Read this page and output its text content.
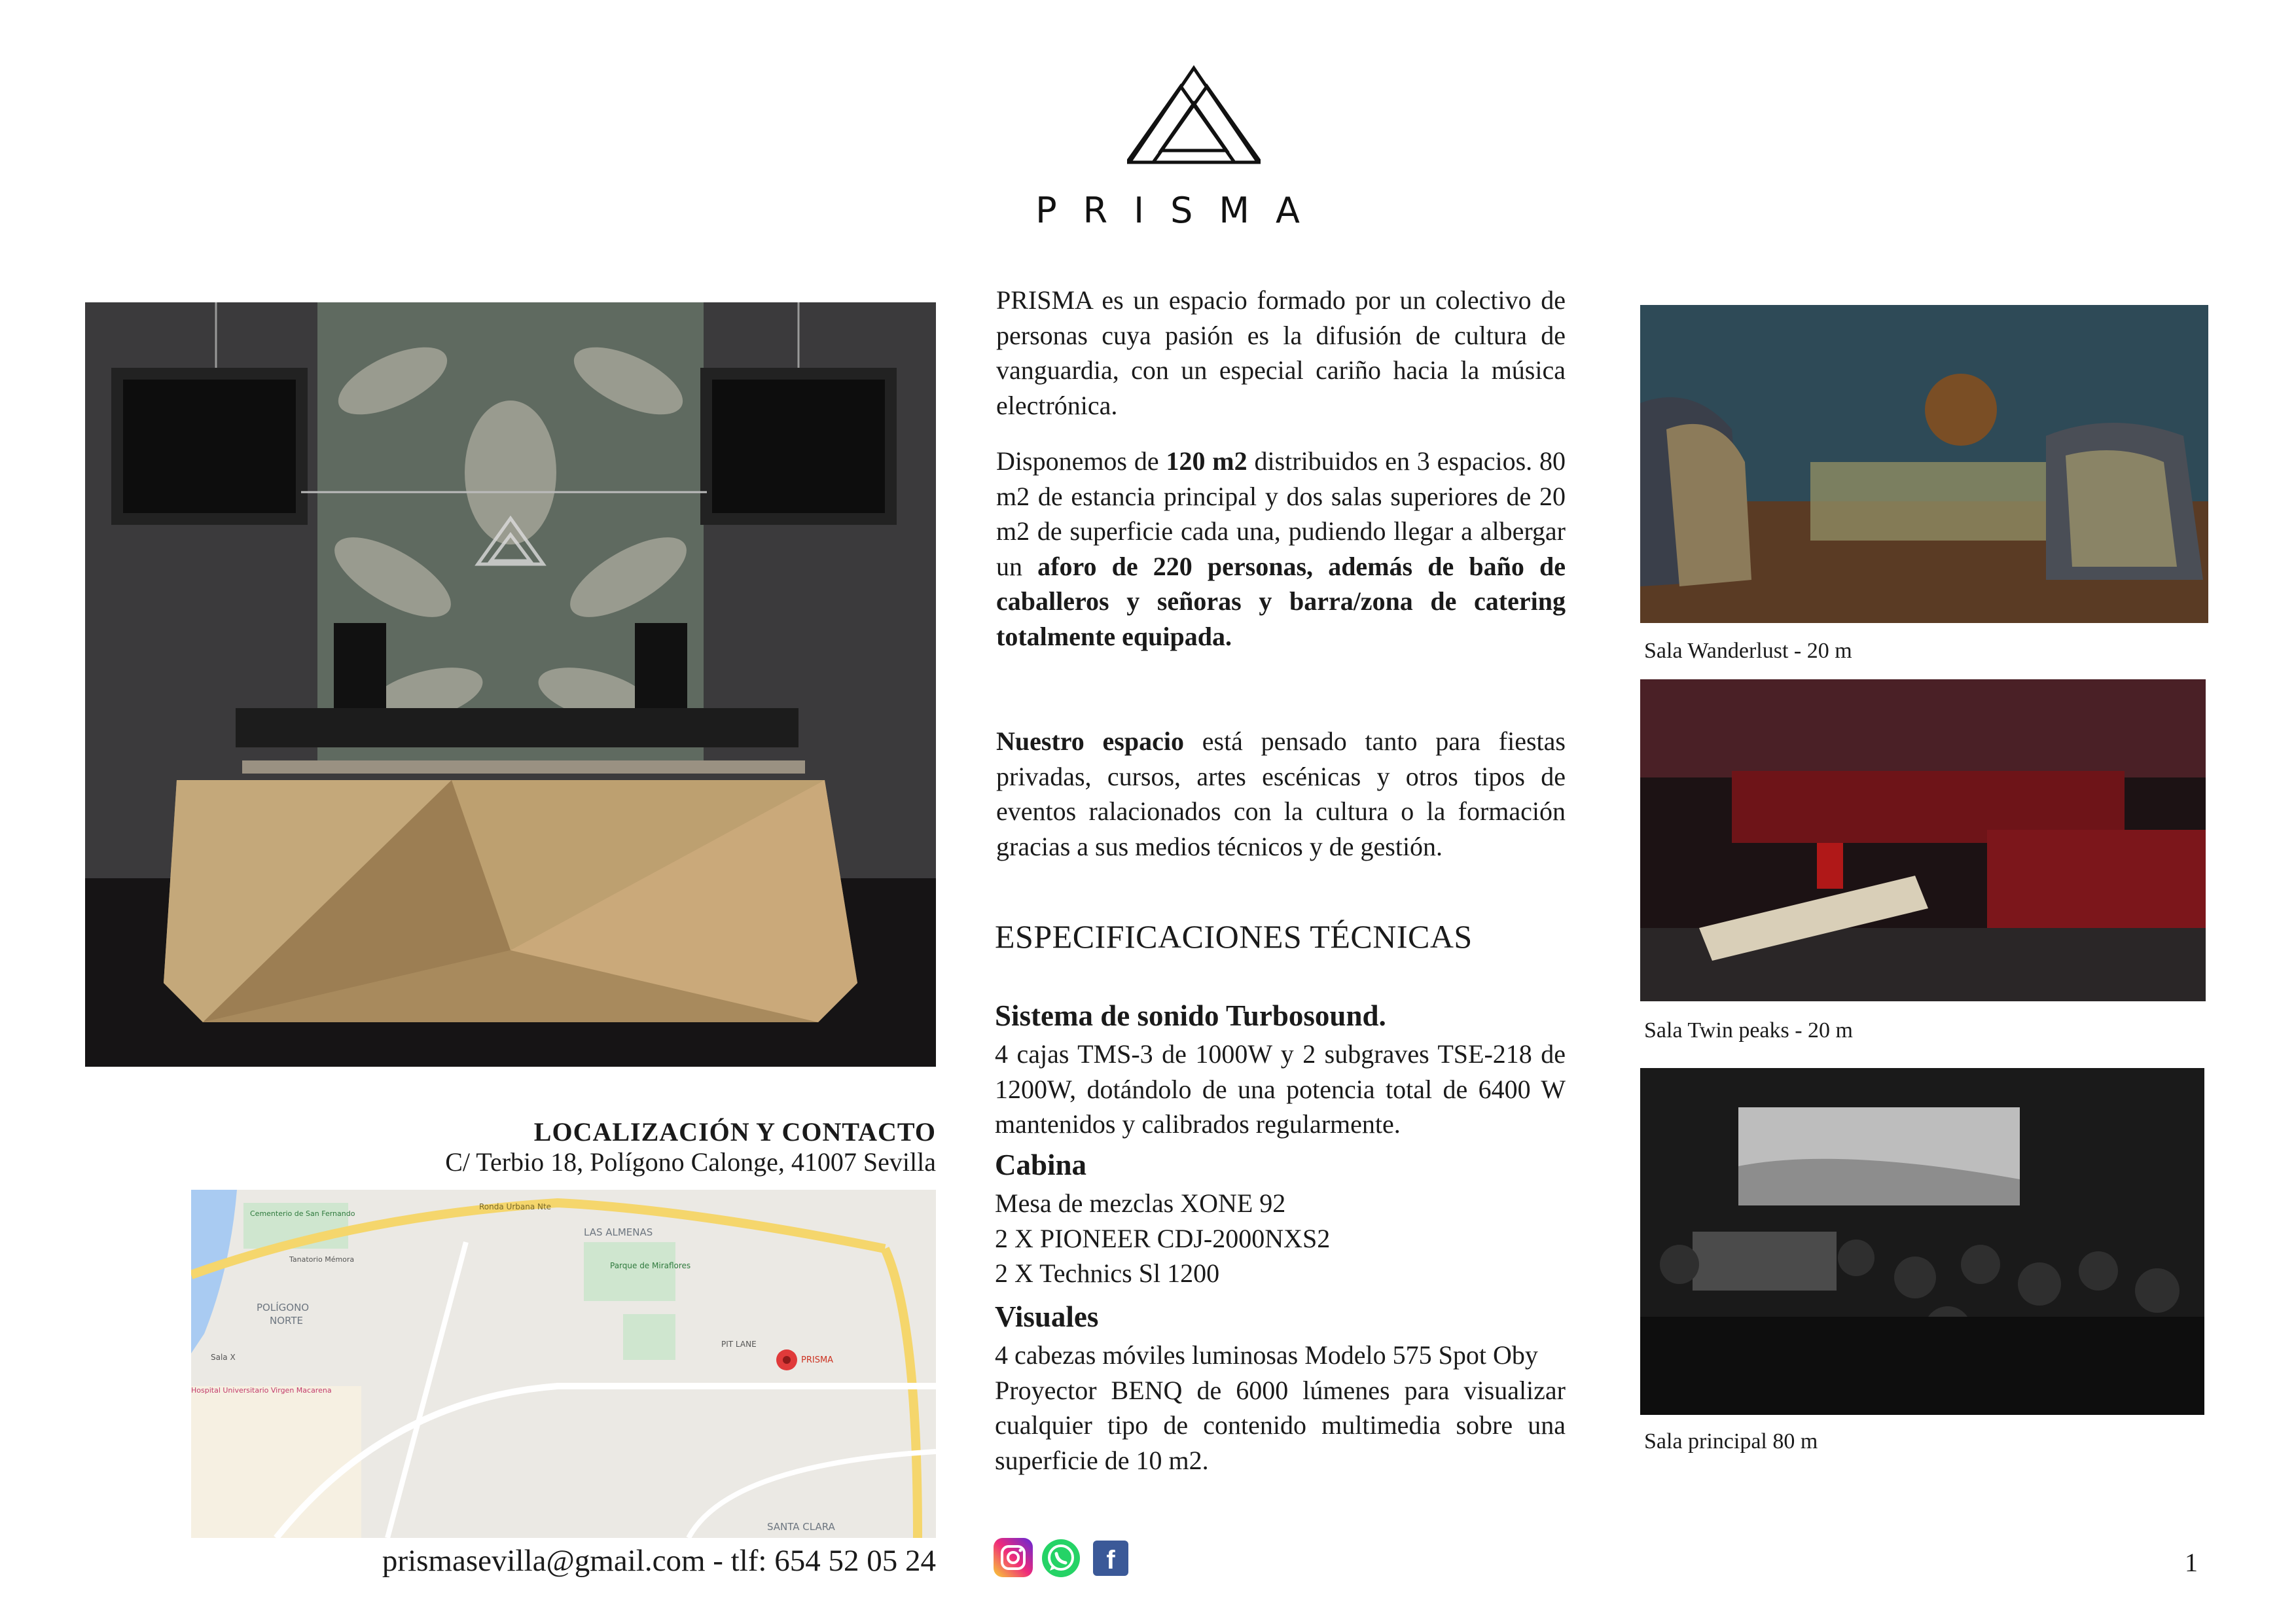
PRISMA
PRISMA es un espacio formado por un colectivo de personas cuya pasión es la difusión de cultura de vanguardia, con un especial cariño hacia la música electrónica.
Disponemos de 120 m2 distribuidos en 3 espacios. 80 m2 de estancia principal y dos salas superiores de 20 m2 de superficie cada una, pudiendo llegar a albergar un aforo de 220 personas, además de baño de caballeros y señoras y barra/zona de catering totalmente equipada.
Nuestro espacio está pensado tanto para fiestas privadas, cursos, artes escénicas y otros tipos de eventos ralacionados con la cultura o la formación gracias a sus medios técnicos y de gestión.
ESPECIFICACIONES TÉCNICAS
Sistema de sonido Turbosound.
4 cajas TMS-3 de 1000W y 2 subgraves TSE-218 de 1200W, dotándolo de una potencia total de 6400 W mantenidos y calibrados regularmente.
Cabina
Mesa de mezclas XONE 92
2 X PIONEER CDJ-2000NXS2
2 X Technics Sl 1200
Visuales
4 cabezas móviles luminosas Modelo 575 Spot Oby
Proyector BENQ de 6000 lúmenes para visualizar cualquier tipo de contenido multimedia sobre una superficie de 10 m2.
Sala Wanderlust - 20 m
Sala Twin peaks - 20 m
Sala principal 80 m
LOCALIZACIÓN Y CONTACTO
C/ Terbio 18, Polígono Calonge, 41007 Sevilla
LAS ALMENAS
POLÍGONO
NORTE
SANTA CLARA
Ronda Urbana Nte
Parque de Miraflores
PIT LANE
PRISMA
Cementerio de San Fernando
Tanatorio Mémora
Sala X
Hospital Universitario Virgen Macarena
prismasevilla@gmail.com - tlf: 654 52 05 24	f	1
